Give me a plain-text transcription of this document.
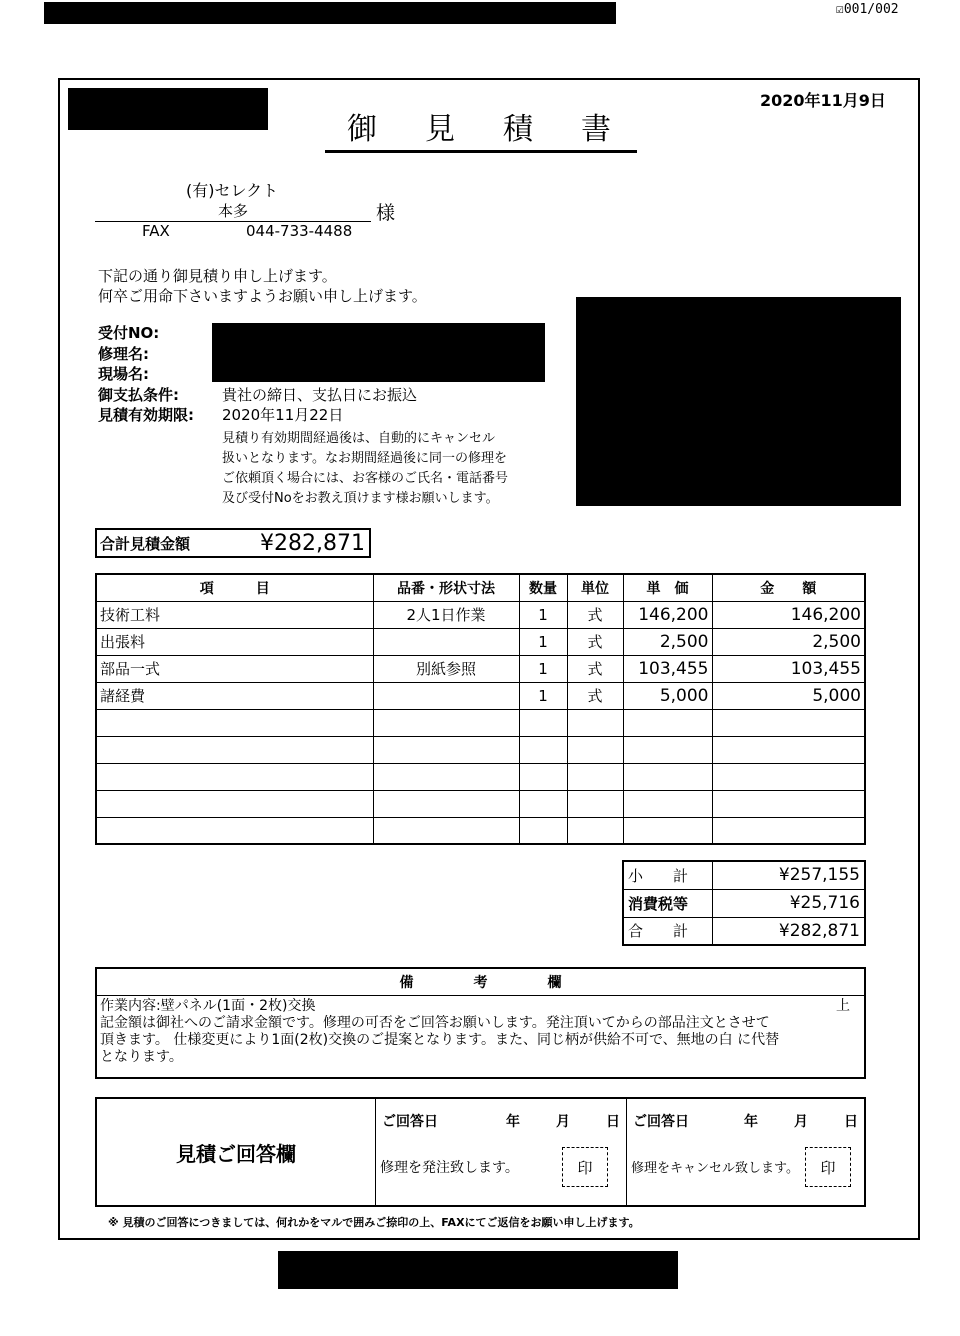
☑001/002
御 見 積 書
2020年11月9日
(有)セレクト
本多	様
FAX	044-733-4488
下記の通り御見積り申し上げます。
何卒ご用命下さいますようお願い申し上げます。
受付NO:
修理名:
現場名:
御支払条件:	貴社の締日、支払日にお振込
見積有効期限:	2020年11月22日
見積り有効期間経過後は、自動的にキャンセル
扱いとなります。なお期間経過後に同一の修理を
ご依頼頂く場合には、お客様のご氏名・電話番号
及び受付Noをお教え頂けます様お願いします。
合計見積金額	¥282,871
項　　　目	品番・形状寸法	数量	単位	単　価	金　　額
技術工料	2人1日作業	1	式	146,200	146,200
出張料		1	式	2,500	2,500
部品一式	別紙参照	1	式	103,455	103,455
諸経費		1	式	5,000	5,000

小　　計	¥257,155
消費税等	¥25,716
合　　計	¥282,871
備	考	欄
作業内容:壁パネル(1面・2枚)交換	上
記金額は御社へのご請求金額です。修理の可否をご回答お願いします。発注頂いてからの部品注文とさせて
頂きます。 仕様変更により1面(2枚)交換のご提案となります。また、同じ柄が供給不可で、無地の白 に代替
となります。
見積ご回答欄
ご回答日	年	月	日
修理を発注致します。	印
ご回答日	年	月	日
修理をキャンセル致します。	印
※ 見積のご回答につきましては、何れかをマルで囲みご捺印の上、FAXにてご返信をお願い申し上げます。
